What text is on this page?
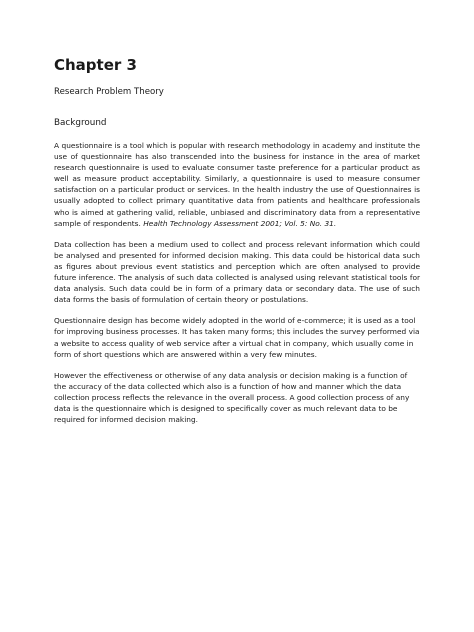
Chapter 3
Research Problem Theory
Background

A questionnaire is a tool which is popular with research methodology in academy and institute the use of questionnaire has also transcended into the business for instance in the area of market research questionnaire is used to evaluate consumer taste preference for a particular product as well as measure product acceptability. Similarly, a questionnaire is used to measure consumer satisfaction on a particular product or services. In the health industry the use of Questionnaires is usually adopted to collect primary quantitative data from patients and healthcare professionals who is aimed at gathering valid, reliable, unbiased and discriminatory data from a representative sample of respondents. Health Technology Assessment 2001; Vol. 5: No. 31.

Data collection has been a medium used to collect and process relevant information which could be analysed and presented for informed decision making. This data could be historical data such as figures about previous event statistics and perception which are often analysed to provide future inference. The analysis of such data collected is analysed using relevant statistical tools for data analysis. Such data could be in form of a primary data or secondary data. The use of such data forms the basis of formulation of certain theory or postulations.

Questionnaire design has become widely adopted in the world of e-commerce; it is used as a tool for improving business processes. It has taken many forms; this includes the survey performed via a website to access quality of web service after a virtual chat in company, which usually come in form of short questions which are answered within a very few minutes.

However the effectiveness or otherwise of any data analysis or decision making is a function of the accuracy of the data collected which also is a function of how and manner which the data collection process reflects the relevance in the overall process. A good collection process of any data is the questionnaire which is designed to specifically cover as much relevant data to be required for informed decision making.
